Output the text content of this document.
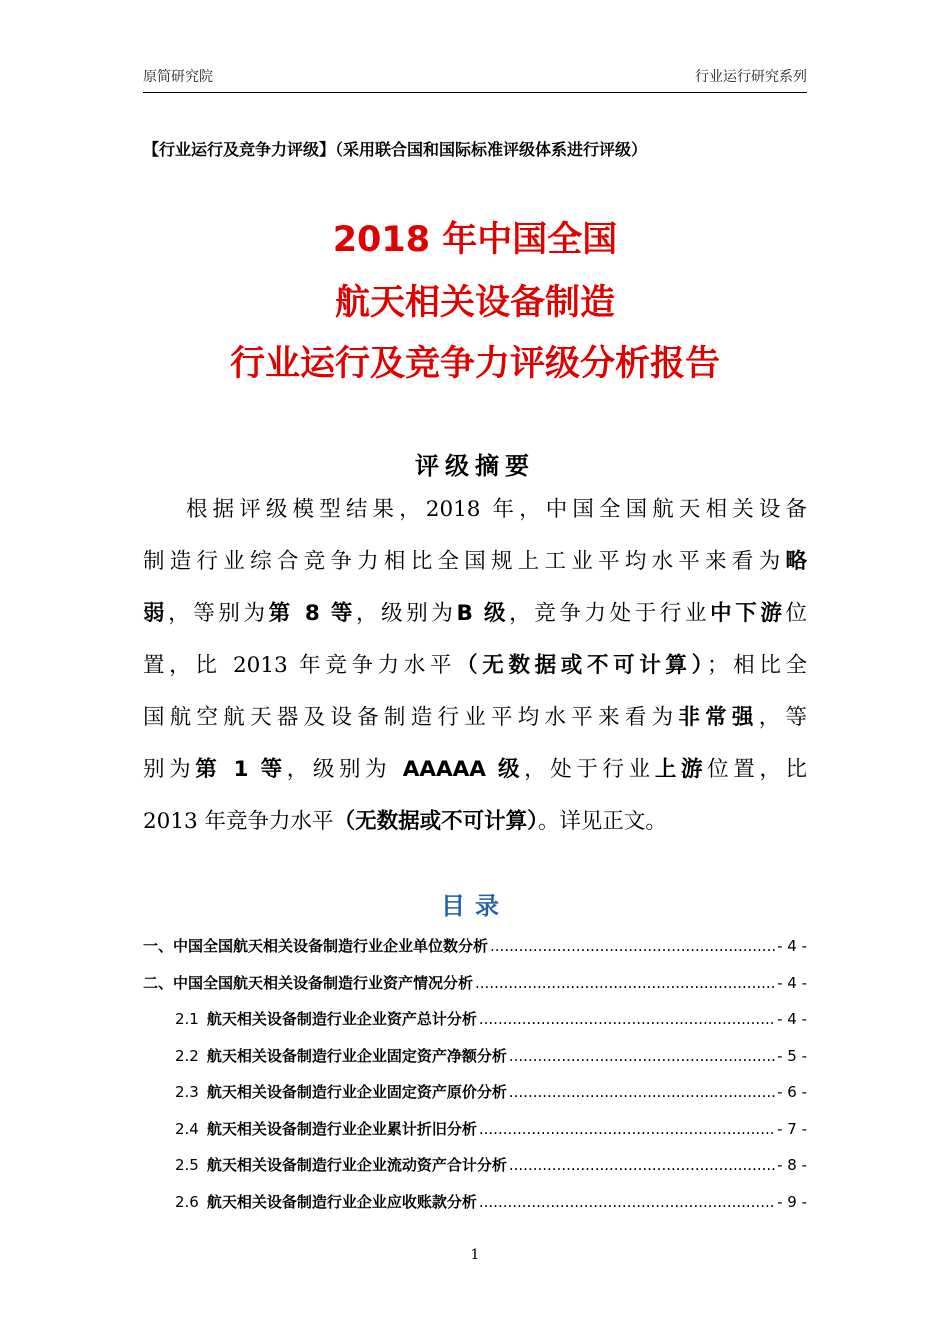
原简研究院	行业运行研究系列
【行业运行及竞争力评级】（采用联合国和国际标准评级体系进行评级）
2018 年中国全国
航天相关设备制造
行业运行及竞争力评级分析报告
评级摘要
根据评级模型结果，2018 年，中国全国航天相关设备
制造行业综合竞争力相比全国规上工业平均水平来看为略
弱，等别为第 8 等，级别为B 级，竞争力处于行业中下游位
置，比 2013 年竞争力水平（无数据或不可计算）；相比全
国航空航天器及设备制造行业平均水平来看为非常强，等
别为第 1 等，级别为 AAAAA 级，处于行业上游位置，比
2013 年竞争力水平（无数据或不可计算）。详见正文。
目录
一、中国全国航天相关设备制造行业企业单位数分析 .....	- 4 -
二、中国全国航天相关设备制造行业资产情况分析 .....	- 4 -
2.1 航天相关设备制造行业企业资产总计分析 .....	- 4 -
2.2 航天相关设备制造行业企业固定资产净额分析 .....	- 5 -
2.3 航天相关设备制造行业企业固定资产原价分析 .....	- 6 -
2.4 航天相关设备制造行业企业累计折旧分析 .....	- 7 -
2.5 航天相关设备制造行业企业流动资产合计分析 .....	- 8 -
2.6 航天相关设备制造行业企业应收账款分析 .....	- 9 -
1
